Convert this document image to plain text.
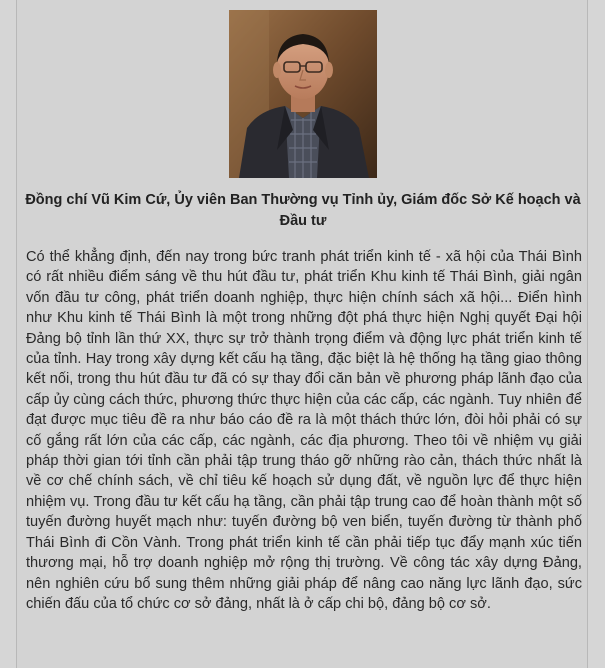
Đồng chí Vũ Kim Cứ, Ủy viên Ban Thường vụ Tỉnh ủy, Giám đốc Sở Kế hoạch và Đầu tư

Có thể khẳng định, đến nay trong bức tranh phát triển kinh tế - xã hội của Thái Bình có rất nhiều điểm sáng về thu hút đầu tư, phát triển Khu kinh tế Thái Bình, giải ngân vốn đầu tư công, phát triển doanh nghiệp, thực hiện chính sách xã hội... Điển hình như Khu kinh tế Thái Bình là một trong những đột phá thực hiện Nghị quyết Đại hội Đảng bộ tỉnh lần thứ XX, thực sự trở thành trọng điểm và động lực phát triển kinh tế của tỉnh. Hay trong xây dựng kết cấu hạ tầng, đặc biệt là hệ thống hạ tầng giao thông kết nối, trong thu hút đầu tư đã có sự thay đổi căn bản về phương pháp lãnh đạo của cấp ủy cùng cách thức, phương thức thực hiện của các cấp, các ngành. Tuy nhiên để đạt được mục tiêu đề ra như báo cáo đề ra là một thách thức lớn, đòi hỏi phải có sự cố gắng rất lớn của các cấp, các ngành, các địa phương. Theo tôi về nhiệm vụ giải pháp thời gian tới tỉnh cần phải tập trung tháo gỡ những rào cản, thách thức nhất là về cơ chế chính sách, về chỉ tiêu kế hoạch sử dụng đất, về nguồn lực để thực hiện nhiệm vụ. Trong đầu tư kết cấu hạ tầng, cần phải tập trung cao để hoàn thành một số tuyến đường huyết mạch như: tuyến đường bộ ven biển, tuyến đường từ thành phố Thái Bình đi Cồn Vành. Trong phát triển kinh tế cần phải tiếp tục đẩy mạnh xúc tiến thương mại, hỗ trợ doanh nghiệp mở rộng thị trường. Về công tác xây dựng Đảng, nên nghiên cứu bổ sung thêm những giải pháp để nâng cao năng lực lãnh đạo, sức chiến đấu của tổ chức cơ sở đảng, nhất là ở cấp chi bộ, đảng bộ cơ sở.
